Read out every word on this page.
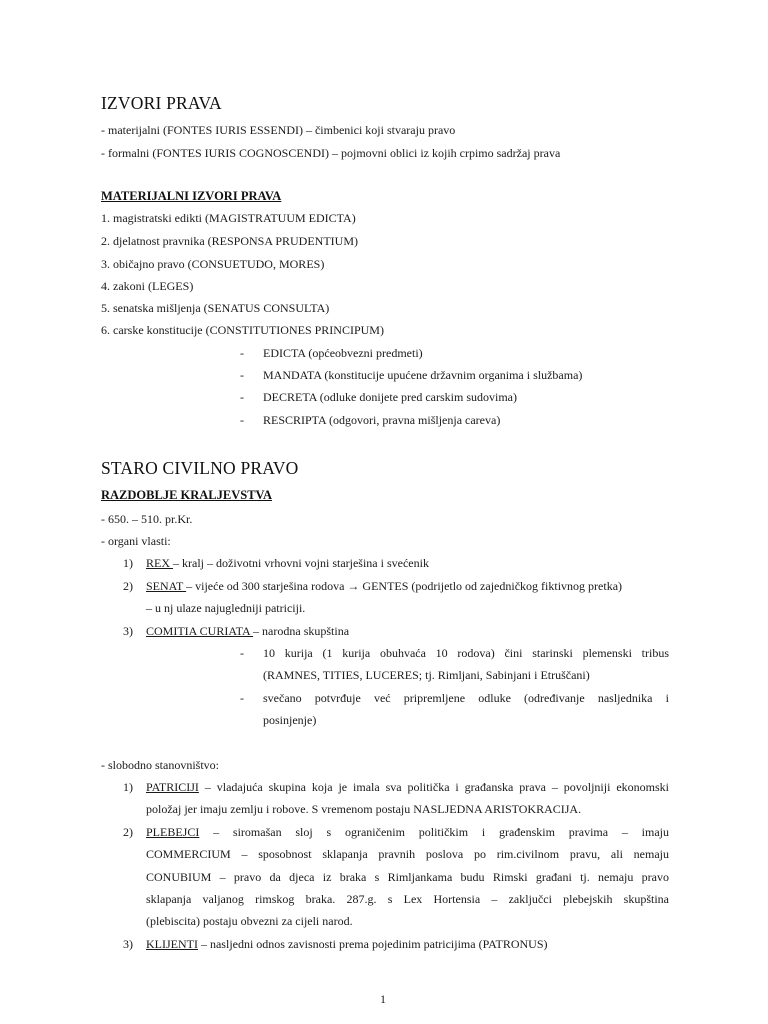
IZVORI PRAVA
- materijalni (FONTES IURIS ESSENDI) – čimbenici koji stvaraju pravo
- formalni (FONTES IURIS COGNOSCENDI) – pojmovni oblici iz kojih crpimo sadržaj prava
MATERIJALNI IZVORI PRAVA
1. magistratski edikti (MAGISTRATUUM EDICTA)
2. djelatnost pravnika (RESPONSA PRUDENTIUM)
3. običajno pravo (CONSUETUDO, MORES)
4. zakoni (LEGES)
5. senatska mišljenja (SENATUS CONSULTA)
6. carske konstitucije (CONSTITUTIONES PRINCIPUM)
- EDICTA (općeobvezni predmeti)
- MANDATA (konstitucije upućene državnim organima i službama)
- DECRETA (odluke donijete pred carskim sudovima)
- RESCRIPTA (odgovori, pravna mišljenja careva)
STARO CIVILNO PRAVO
RAZDOBLJE KRALJEVSTVA
- 650. – 510. pr.Kr.
- organi vlasti:
1) REX – kralj – doživotni vrhovni vojni starješina i svećenik
2) SENAT – vijeće od 300 starješina rodova → GENTES (podrijetlo od zajedničkog fiktivnog pretka)
– u nj ulaze najugledniji patriciji.
3) COMITIA CURIATA – narodna skupština
- 10 kurija (1 kurija obuhvaća 10 rodova) čini starinski plemenski tribus
(RAMNES, TITIES, LUCERES; tj. Rimljani, Sabinjani i Etruščani)
- svečano potvrđuje već pripremljene odluke (određivanje nasljednika i
posinjenje)
- slobodno stanovništvo:
1) PATRICIJI – vladajuća skupina koja je imala sva politička i građanska prava – povoljniji ekonomski
položaj jer imaju zemlju i robove. S vremenom postaju NASLJEDNA ARISTOKRACIJA.
2) PLEBEJCI – siromašan sloj s ograničenim političkim i građenskim pravima – imaju
COMMERCIUM – sposobnost sklapanja pravnih poslova po rim.civilnom pravu, ali nemaju
CONUBIUM – pravo da djeca iz braka s Rimljankama budu Rimski građani tj. nemaju pravo
sklapanja valjanog rimskog braka. 287.g. s Lex Hortensia – zaključci plebejskih skupština
(plebiscita) postaju obvezni za cijeli narod.
3) KLIJENTI – nasljedni odnos zavisnosti prema pojedinim patricijima (PATRONUS)
1
